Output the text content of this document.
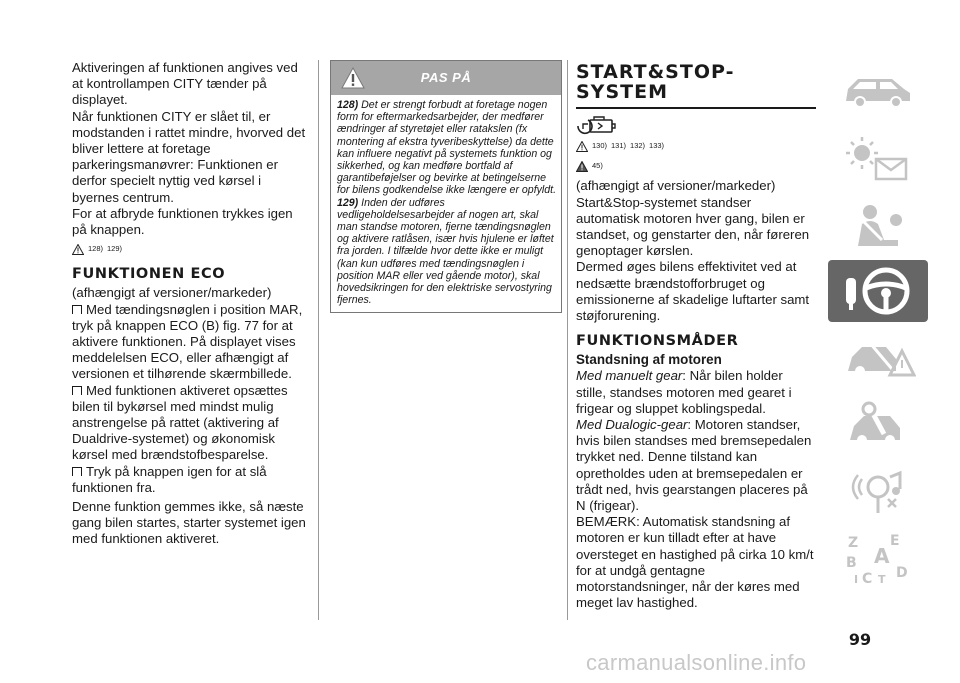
Aktiveringen af funktionen angives ved at kontrollampen CITY tænder på displayet.

Når funktionen CITY er slået til, er modstanden i rattet mindre, hvorved det bliver lettere at foretage parkeringsmanøvrer: Funktionen er derfor specielt nyttig ved kørsel i byernes centrum.

For at afbryde funktionen trykkes igen på knappen.

128) 129)
FUNKTIONEN ECO

(afhængigt af versioner/markeder)

Med tændingsnøglen i position MAR, tryk på knappen ECO (B) fig. 77 for at aktivere funktionen. På displayet vises meddelelsen ECO, eller afhængigt af versionen et tilhørende skærmbillede.

Med funktionen aktiveret opsættes bilen til bykørsel med mindst mulig anstrengelse på rattet (aktivering af Dualdrive-systemet) og økonomisk kørsel med brændstofbesparelse.

Tryk på knappen igen for at slå funktionen fra.

Denne funktion gemmes ikke, så næste gang bilen startes, starter systemet igen med funktionen aktiveret.

PAS PÅ

128) Det er strengt forbudt at foretage nogen form for eftermarkedsarbejder, der medfører ændringer af styretøjet eller ratakslen (fx montering af ekstra tyveribeskyttelse) da dette kan influere negativt på systemets funktion og sikkerhed, og kan medføre bortfald af garantibeføjelser og bevirke at betingelserne for bilens godkendelse ikke længere er opfyldt.

129) Inden der udføres vedligeholdelsesarbejder af nogen art, skal man standse motoren, fjerne tændingsnøglen og aktivere ratlåsen, især hvis hjulene er løftet fra jorden. I tilfælde hvor dette ikke er muligt (kan kun udføres med tændingsnøglen i position MAR eller ved gående motor), skal hovedsikringen for den elektriske servostyring fjernes.

START&STOP-SYSTEM
130) 131) 132) 133)
45)

(afhængigt af versioner/markeder)

Start&Stop-systemet standser automatisk motoren hver gang, bilen er standset, og genstarter den, når føreren genoptager kørslen.

Dermed øges bilens effektivitet ved at nedsætte brændstofforbruget og emissionerne af skadelige luftarter samt støjforurening.

FUNKTIONSMÅDER
Standsning af motoren

Med manuelt gear: Når bilen holder stille, standses motoren med gearet i frigear og sluppet koblingspedal.

Med Dualogic-gear: Motoren standser, hvis bilen standses med bremsepedalen trykket ned. Denne tilstand kan opretholdes uden at bremsepedalen er trådt ned, hvis gearstangen placeres på N (frigear).

BEMÆRK: Automatisk standsning af motoren er kun tilladt efter at have oversteget en hastighed på cirka 10 km/t for at undgå gentagne motorstandsninger, når der køres med meget lav hastighed.

Z E
B A
C D
I T
99
carmanualsonline.info
